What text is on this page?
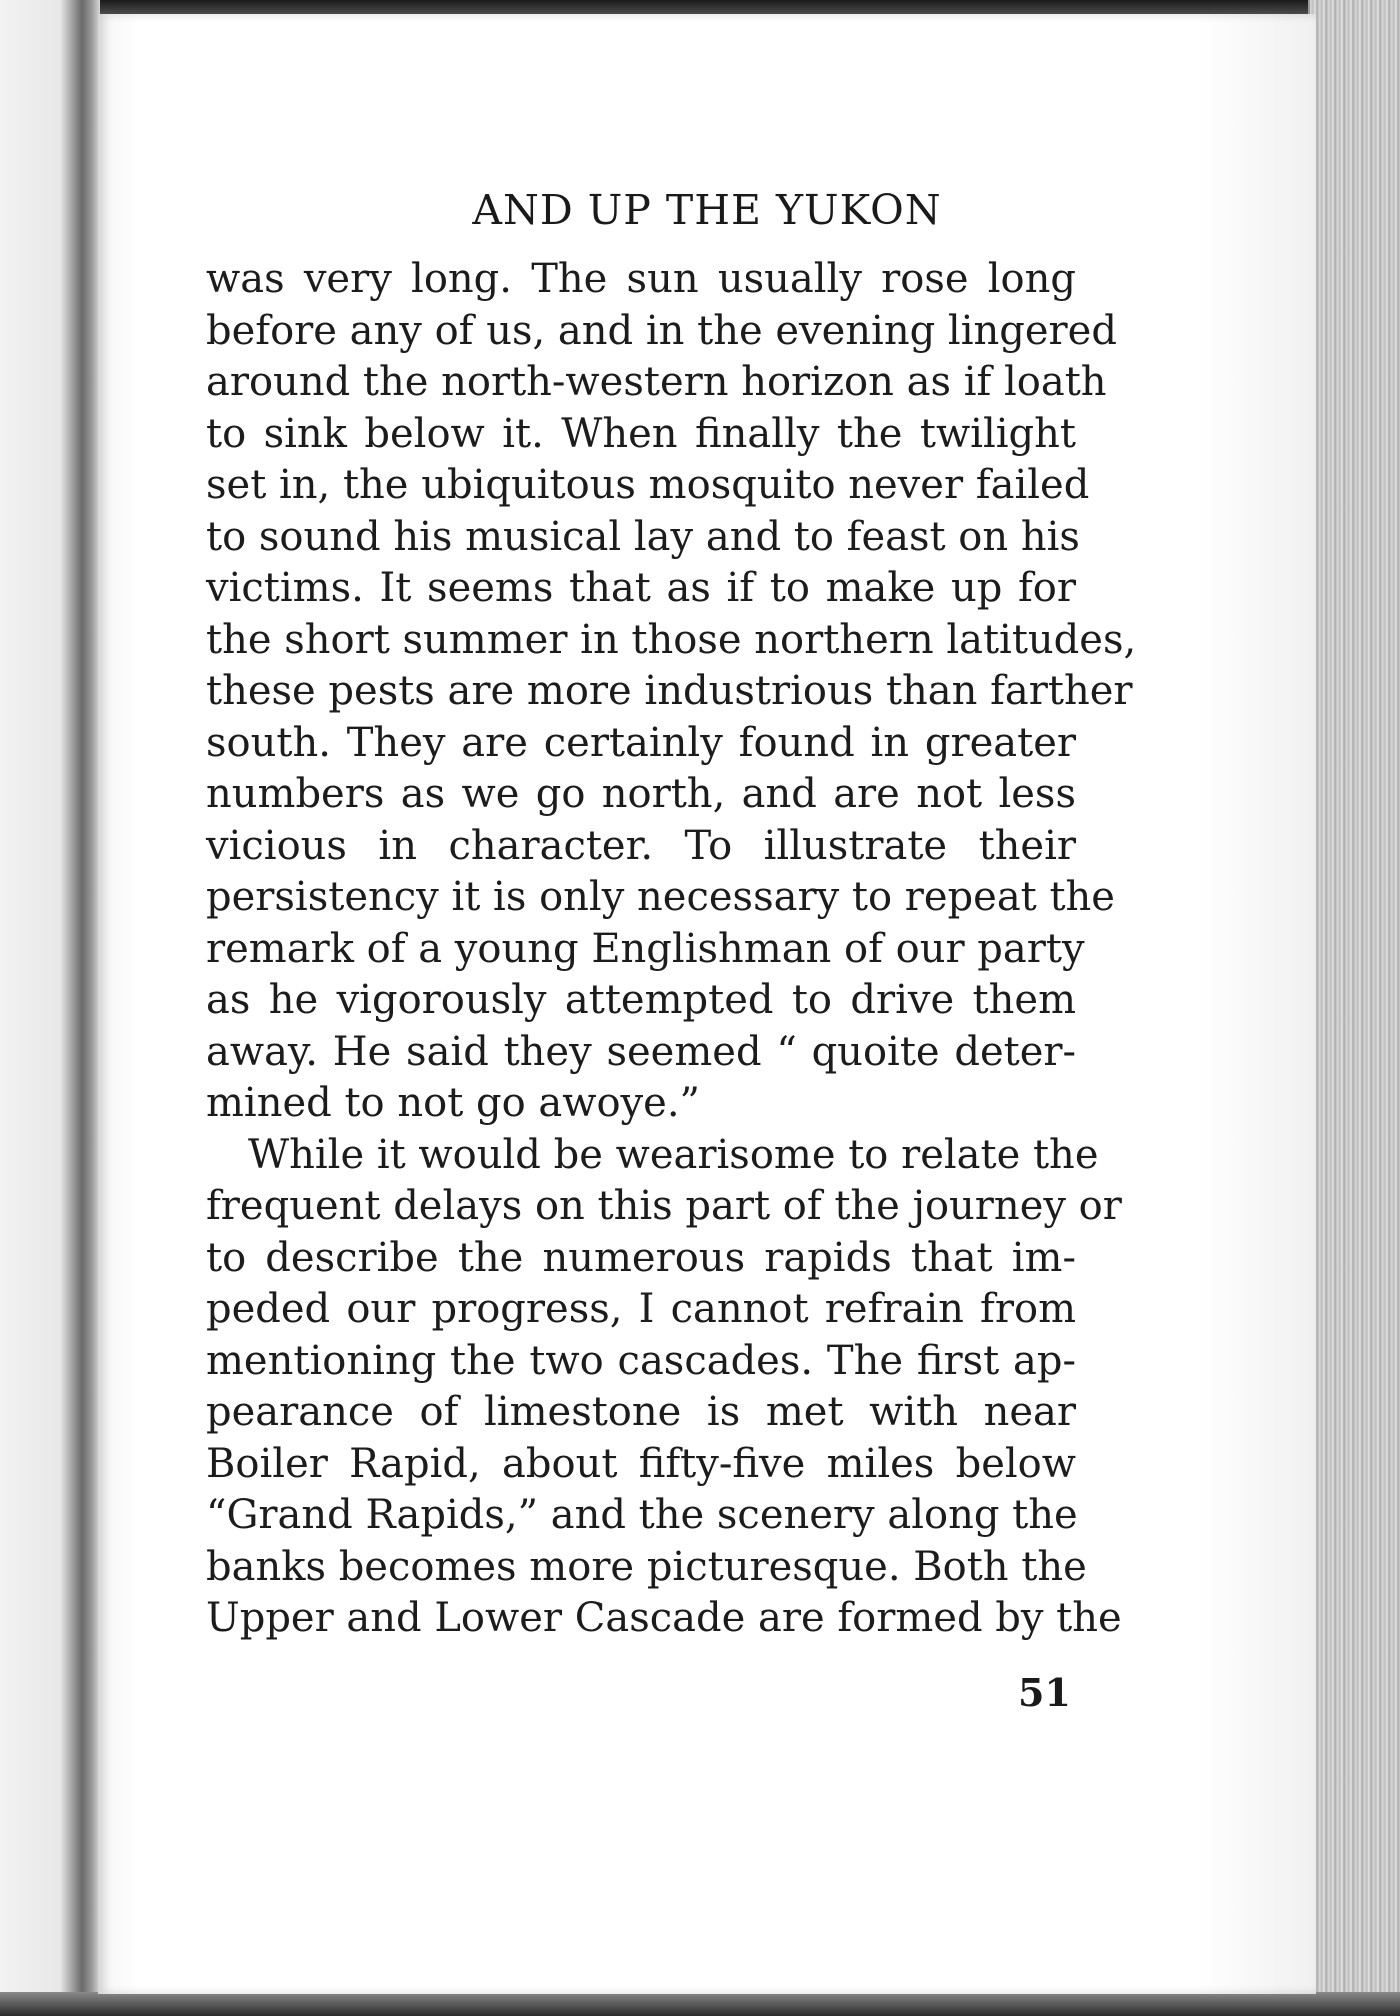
AND UP THE YUKON
was very long. The sun usually rose long
before any of us, and in the evening lingered
around the north-western horizon as if loath
to sink below it. When finally the twilight
set in, the ubiquitous mosquito never failed
to sound his musical lay and to feast on his
victims. It seems that as if to make up for
the short summer in those northern latitudes,
these pests are more industrious than farther
south. They are certainly found in greater
numbers as we go north, and are not less
vicious in character. To illustrate their
persistency it is only necessary to repeat the
remark of a young Englishman of our party
as he vigorously attempted to drive them
away. He said they seemed “ quoite deter-
mined to not go awoye.”
While it would be wearisome to relate the
frequent delays on this part of the journey or
to describe the numerous rapids that im-
peded our progress, I cannot refrain from
mentioning the two cascades. The first ap-
pearance of limestone is met with near
Boiler Rapid, about fifty-five miles below
“Grand Rapids,” and the scenery along the
banks becomes more picturesque. Both the
Upper and Lower Cascade are formed by the
51
